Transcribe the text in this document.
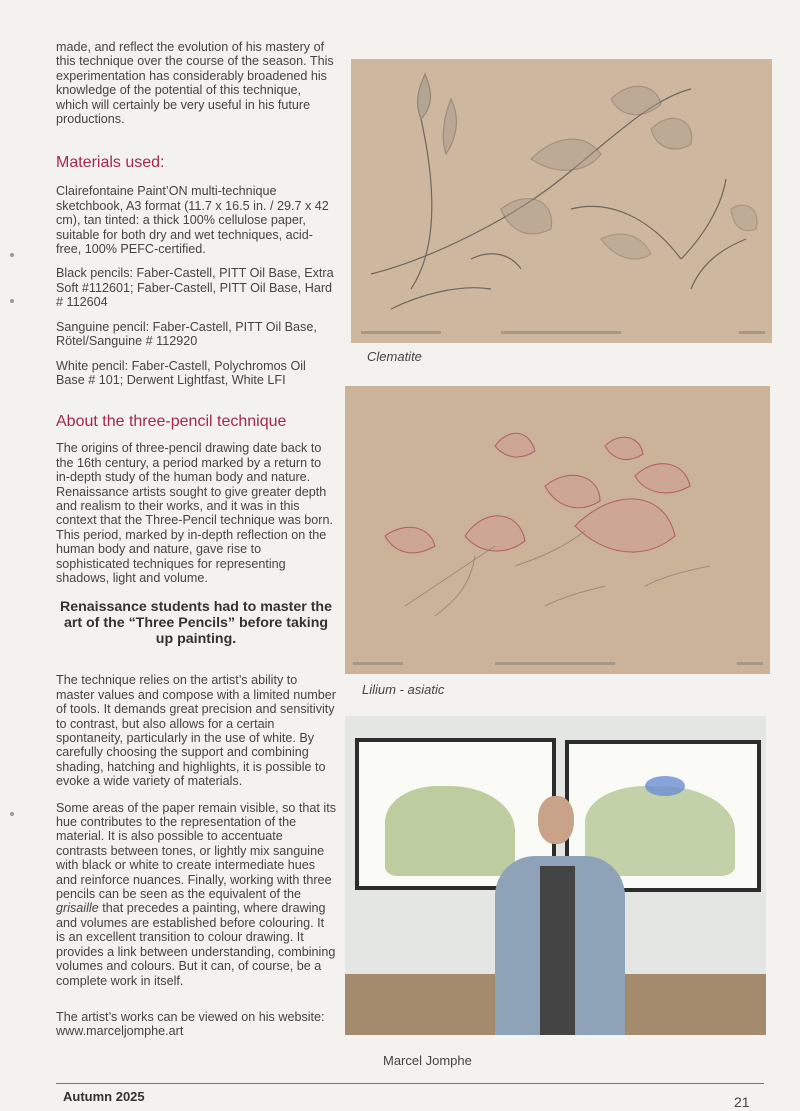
made, and reflect the evolution of his mastery of this technique over the course of the season. This experimentation has considerably broadened his knowledge of the potential of this technique, which will certainly be very useful in his future productions.

Materials used:

Clairefontaine Paint’ON multi-technique sketchbook, A3 format (11.7 x 16.5 in. / 29.7 x 42 cm), tan tinted: a thick 100% cellulose paper, suitable for both dry and wet techniques, acid-free, 100% PEFC-certified.

Black pencils: Faber-Castell, PITT Oil Base, Extra Soft #112601; Faber-Castell, PITT Oil Base, Hard # 112604

Sanguine pencil: Faber-Castell, PITT Oil Base, Rötel/Sanguine # 112920

White pencil: Faber-Castell, Polychromos Oil Base # 101; Derwent Lightfast, White LFI

About the three-pencil technique

The origins of three-pencil drawing date back to the 16th century, a period marked by a return to in-depth study of the human body and nature. Renaissance artists sought to give greater depth and realism to their works, and it was in this context that the Three-Pencil technique was born. This period, marked by in-depth reflection on the human body and nature, gave rise to sophisticated techniques for representing shadows, light and volume.

Renaissance students had to master the art of the “Three Pencils” before taking up painting.

The technique relies on the artist’s ability to master values and compose with a limited number of tools. It demands great precision and sensitivity to contrast, but also allows for a certain spontaneity, particularly in the use of white. By carefully choosing the support and combining shading, hatching and highlights, it is possible to evoke a wide variety of materials.

Some areas of the paper remain visible, so that its hue contributes to the representation of the material. It is also possible to accentuate contrasts between tones, or lightly mix sanguine with black or white to create intermediate hues and reinforce nuances. Finally, working with three pencils can be seen as the equivalent of the grisaille that precedes a painting, where drawing and volumes are established before colouring. It is an excellent transition to colour drawing. It provides a link between understanding, combining volumes and colours. But it can, of course, be a complete work in itself.

The artist’s works can be viewed on his website: www.marceljomphe.art

Clematite
Lilium - asiatic
Marcel Jomphe
Autumn 2025	21
